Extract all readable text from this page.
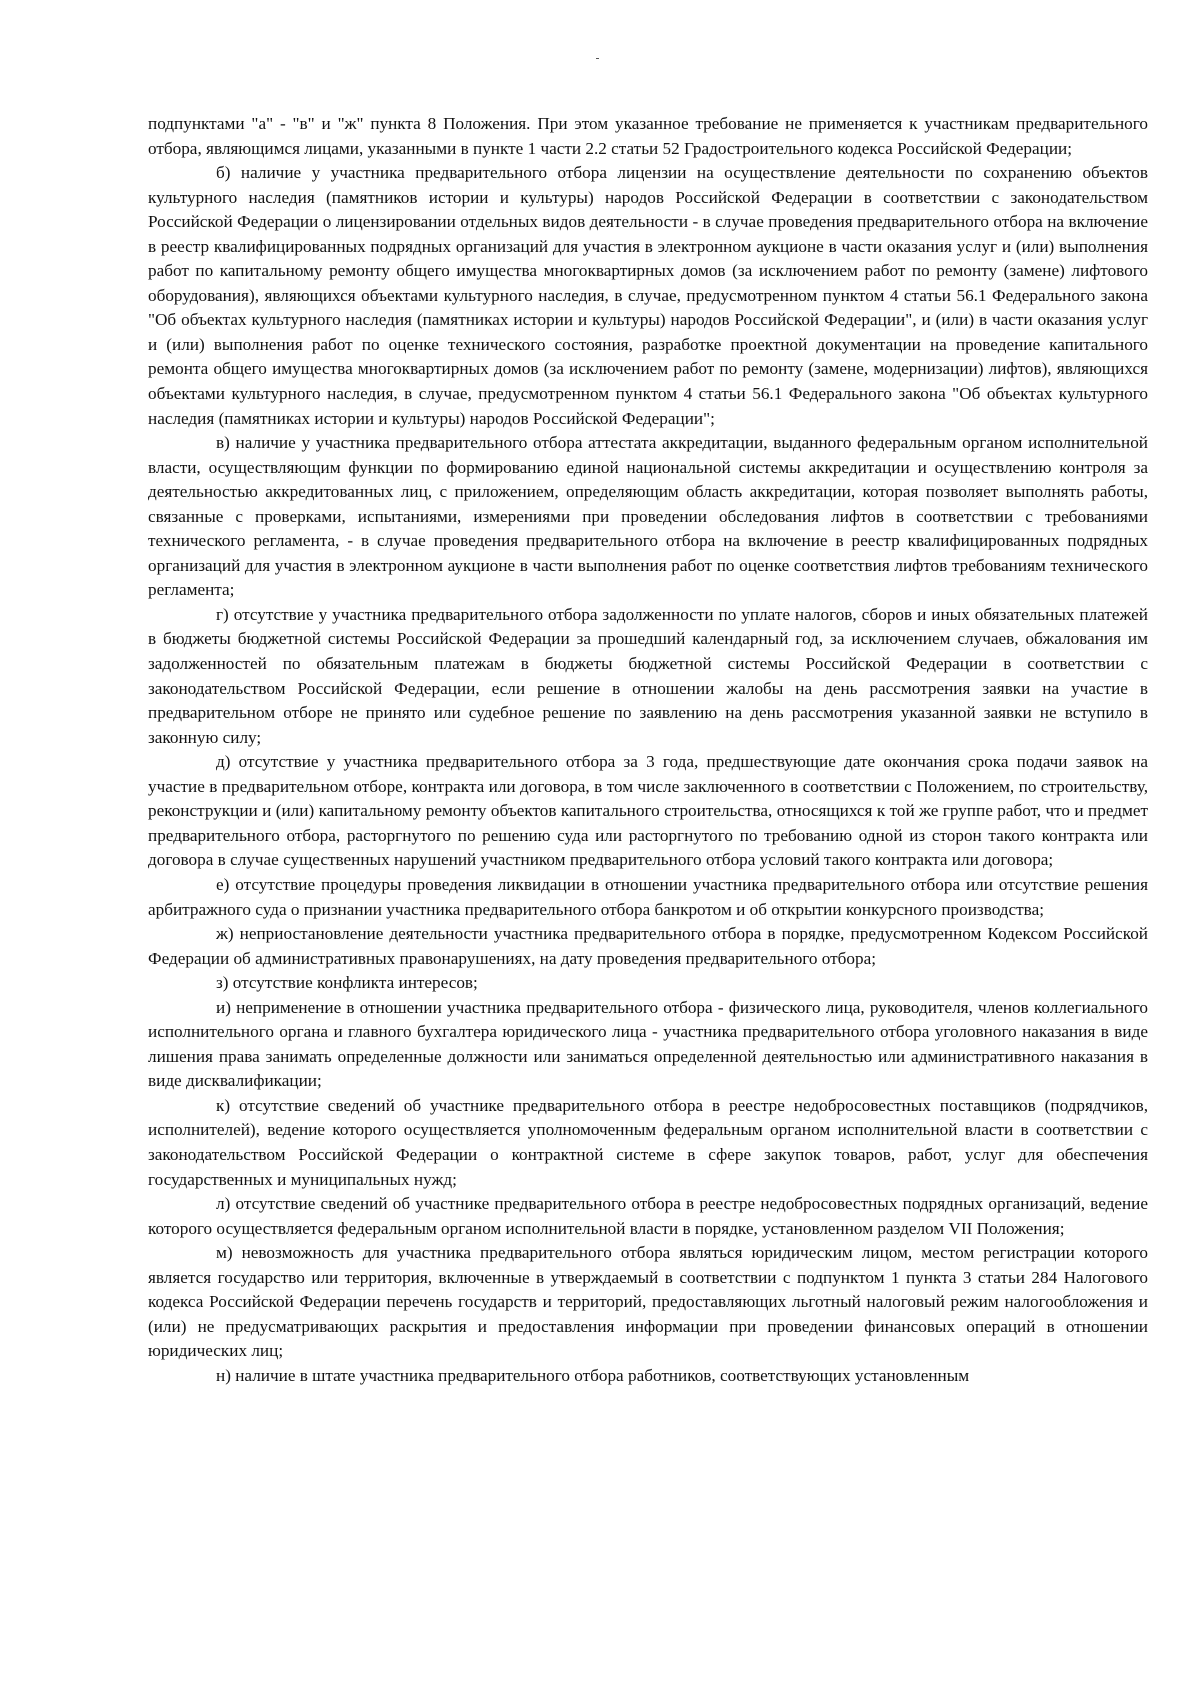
подпунктами "а" - "в" и "ж" пункта 8 Положения. При этом указанное требование не применяется к участникам предварительного отбора, являющимся лицами, указанными в пункте 1 части 2.2 статьи 52 Градостроительного кодекса Российской Федерации;

б) наличие у участника предварительного отбора лицензии на осуществление деятельности по сохранению объектов культурного наследия (памятников истории и культуры) народов Российской Федерации в соответствии с законодательством Российской Федерации о лицензировании отдельных видов деятельности - в случае проведения предварительного отбора на включение в реестр квалифицированных подрядных организаций для участия в электронном аукционе в части оказания услуг и (или) выполнения работ по капитальному ремонту общего имущества многоквартирных домов (за исключением работ по ремонту (замене) лифтового оборудования), являющихся объектами культурного наследия, в случае, предусмотренном пунктом 4 статьи 56.1 Федерального закона "Об объектах культурного наследия (памятниках истории и культуры) народов Российской Федерации", и (или) в части оказания услуг и (или) выполнения работ по оценке технического состояния, разработке проектной документации на проведение капитального ремонта общего имущества многоквартирных домов (за исключением работ по ремонту (замене, модернизации) лифтов), являющихся объектами культурного наследия, в случае, предусмотренном пунктом 4 статьи 56.1 Федерального закона "Об объектах культурного наследия (памятниках истории и культуры) народов Российской Федерации";

в) наличие у участника предварительного отбора аттестата аккредитации, выданного федеральным органом исполнительной власти, осуществляющим функции по формированию единой национальной системы аккредитации и осуществлению контроля за деятельностью аккредитованных лиц, с приложением, определяющим область аккредитации, которая позволяет выполнять работы, связанные с проверками, испытаниями, измерениями при проведении обследования лифтов в соответствии с требованиями технического регламента, - в случае проведения предварительного отбора на включение в реестр квалифицированных подрядных организаций для участия в электронном аукционе в части выполнения работ по оценке соответствия лифтов требованиям технического регламента;

г) отсутствие у участника предварительного отбора задолженности по уплате налогов, сборов и иных обязательных платежей в бюджеты бюджетной системы Российской Федерации за прошедший календарный год, за исключением случаев, обжалования им задолженностей по обязательным платежам в бюджеты бюджетной системы Российской Федерации в соответствии с законодательством Российской Федерации, если решение в отношении жалобы на день рассмотрения заявки на участие в предварительном отборе не принято или судебное решение по заявлению на день рассмотрения указанной заявки не вступило в законную силу;

д) отсутствие у участника предварительного отбора за 3 года, предшествующие дате окончания срока подачи заявок на участие в предварительном отборе, контракта или договора, в том числе заключенного в соответствии с Положением, по строительству, реконструкции и (или) капитальному ремонту объектов капитального строительства, относящихся к той же группе работ, что и предмет предварительного отбора, расторгнутого по решению суда или расторгнутого по требованию одной из сторон такого контракта или договора в случае существенных нарушений участником предварительного отбора условий такого контракта или договора;

е) отсутствие процедуры проведения ликвидации в отношении участника предварительного отбора или отсутствие решения арбитражного суда о признании участника предварительного отбора банкротом и об открытии конкурсного производства;

ж) неприостановление деятельности участника предварительного отбора в порядке, предусмотренном Кодексом Российской Федерации об административных правонарушениях, на дату проведения предварительного отбора;

з) отсутствие конфликта интересов;

и) неприменение в отношении участника предварительного отбора - физического лица, руководителя, членов коллегиального исполнительного органа и главного бухгалтера юридического лица - участника предварительного отбора уголовного наказания в виде лишения права занимать определенные должности или заниматься определенной деятельностью или административного наказания в виде дисквалификации;

к) отсутствие сведений об участнике предварительного отбора в реестре недобросовестных поставщиков (подрядчиков, исполнителей), ведение которого осуществляется уполномоченным федеральным органом исполнительной власти в соответствии с законодательством Российской Федерации о контрактной системе в сфере закупок товаров, работ, услуг для обеспечения государственных и муниципальных нужд;

л) отсутствие сведений об участнике предварительного отбора в реестре недобросовестных подрядных организаций, ведение которого осуществляется федеральным органом исполнительной власти в порядке, установленном разделом VII Положения;

м) невозможность для участника предварительного отбора являться юридическим лицом, местом регистрации которого является государство или территория, включенные в утверждаемый в соответствии с подпунктом 1 пункта 3 статьи 284 Налогового кодекса Российской Федерации перечень государств и территорий, предоставляющих льготный налоговый режим налогообложения и (или) не предусматривающих раскрытия и предоставления информации при проведении финансовых операций в отношении юридических лиц;

н) наличие в штате участника предварительного отбора работников, соответствующих установленным
